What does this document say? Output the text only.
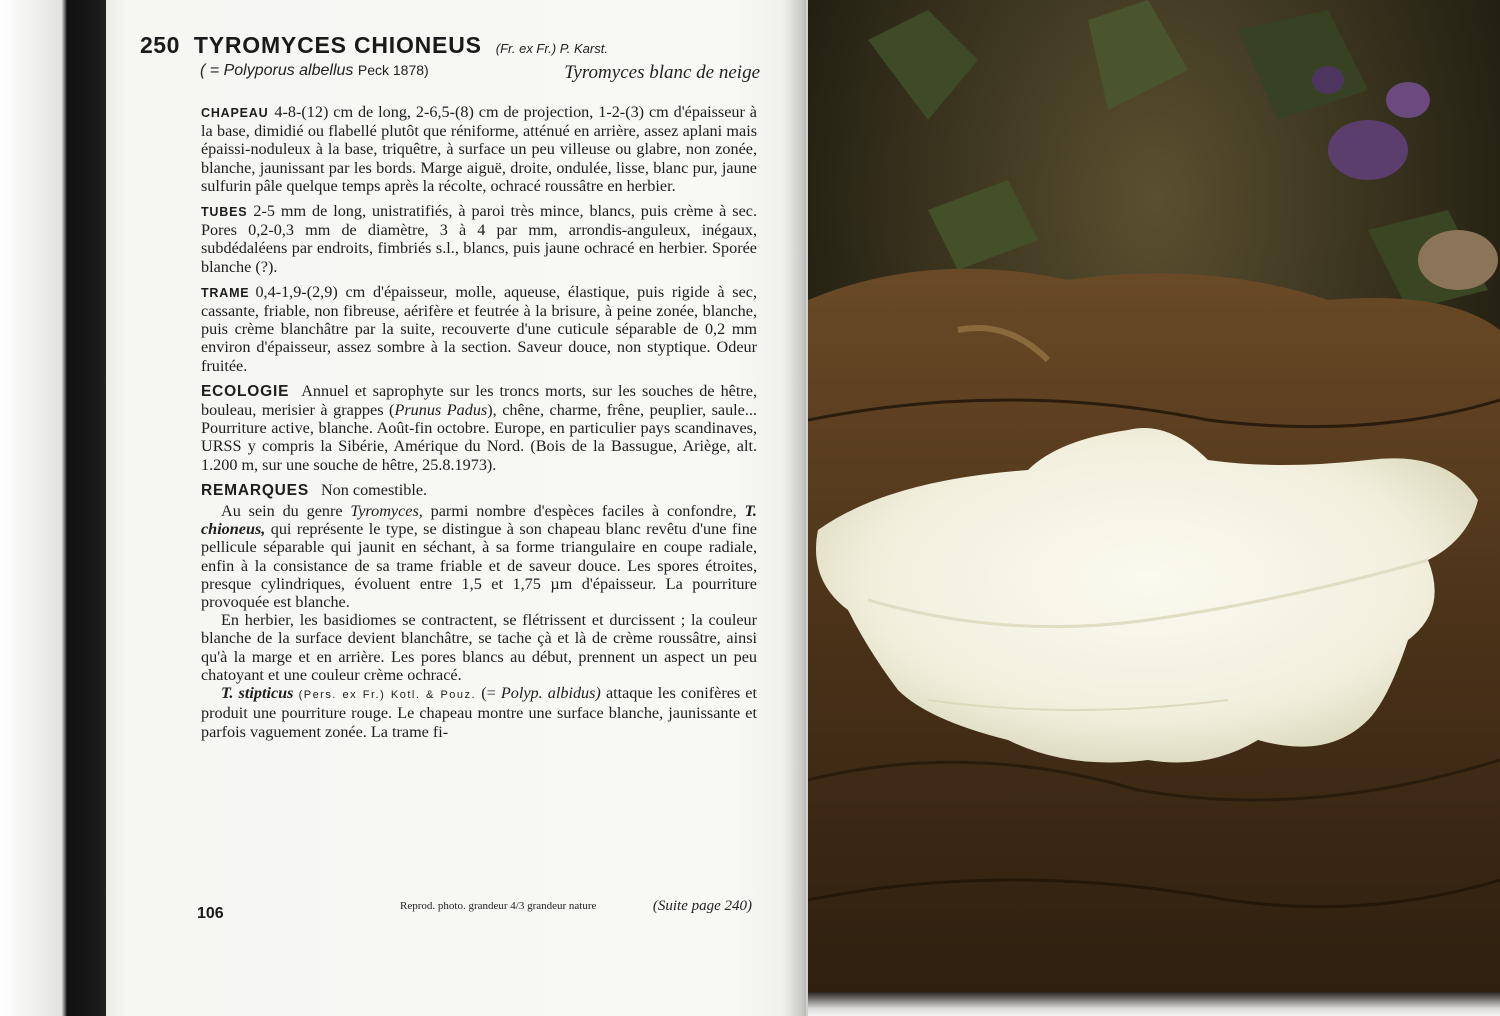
250 TYROMYCES CHIONEUS (Fr. ex Fr.) P. Karst.
( = Polyporus albellus Peck 1878)	Tyromyces blanc de neige

CHAPEAU 4-8-(12) cm de long, 2-6,5-(8) cm de projection, 1-2-(3) cm d'épaisseur à la base, dimidié ou flabellé plutôt que réniforme, atténué en arrière, assez aplani mais épaissi-noduleux à la base, triquêtre, à surface un peu villeuse ou glabre, non zonée, blanche, jaunissant par les bords. Marge aiguë, droite, ondulée, lisse, blanc pur, jaune sulfurin pâle quelque temps après la récolte, ochracé roussâtre en herbier.

TUBES 2-5 mm de long, unistratifiés, à paroi très mince, blancs, puis crème à sec. Pores 0,2-0,3 mm de diamètre, 3 à 4 par mm, arrondis-anguleux, inégaux, subdédaléens par endroits, fimbriés s.l., blancs, puis jaune ochracé en herbier. Sporée blanche (?).

TRAME 0,4-1,9-(2,9) cm d'épaisseur, molle, aqueuse, élastique, puis rigide à sec, cassante, friable, non fibreuse, aérifère et feutrée à la brisure, à peine zonée, blanche, puis crème blanchâtre par la suite, recouverte d'une cuticule séparable de 0,2 mm environ d'épaisseur, assez sombre à la section. Saveur douce, non styptique. Odeur fruitée.

ECOLOGIE Annuel et saprophyte sur les troncs morts, sur les souches de hêtre, bouleau, merisier à grappes (Prunus Padus), chêne, charme, frêne, peuplier, saule... Pourriture active, blanche. Août-fin octobre. Europe, en particulier pays scandinaves, URSS y compris la Sibérie, Amérique du Nord. (Bois de la Bassugue, Ariège, alt. 1.200 m, sur une souche de hêtre, 25.8.1973).

REMARQUES Non comestible.

Au sein du genre Tyromyces, parmi nombre d'espèces faciles à confondre, T. chioneus, qui représente le type, se distingue à son chapeau blanc revêtu d'une fine pellicule séparable qui jaunit en séchant, à sa forme triangulaire en coupe radiale, enfin à la consistance de sa trame friable et de saveur douce. Les spores étroites, presque cylindriques, évoluent entre 1,5 et 1,75 µm d'épaisseur. La pourriture provoquée est blanche.

En herbier, les basidiomes se contractent, se flétrissent et durcissent ; la couleur blanche de la surface devient blanchâtre, se tache çà et là de crème roussâtre, ainsi qu'à la marge et en arrière. Les pores blancs au début, prennent un aspect un peu chatoyant et une couleur crème ochracé.

T. stipticus (Pers. ex Fr.) Kotl. & Pouz. (= Polyp. albidus) attaque les conifères et produit une pourriture rouge. Le chapeau montre une surface blanche, jaunissante et parfois vaguement zonée. La trame fi-

106	Reprod. photo. grandeur 4/3 grandeur nature	(Suite page 240)
